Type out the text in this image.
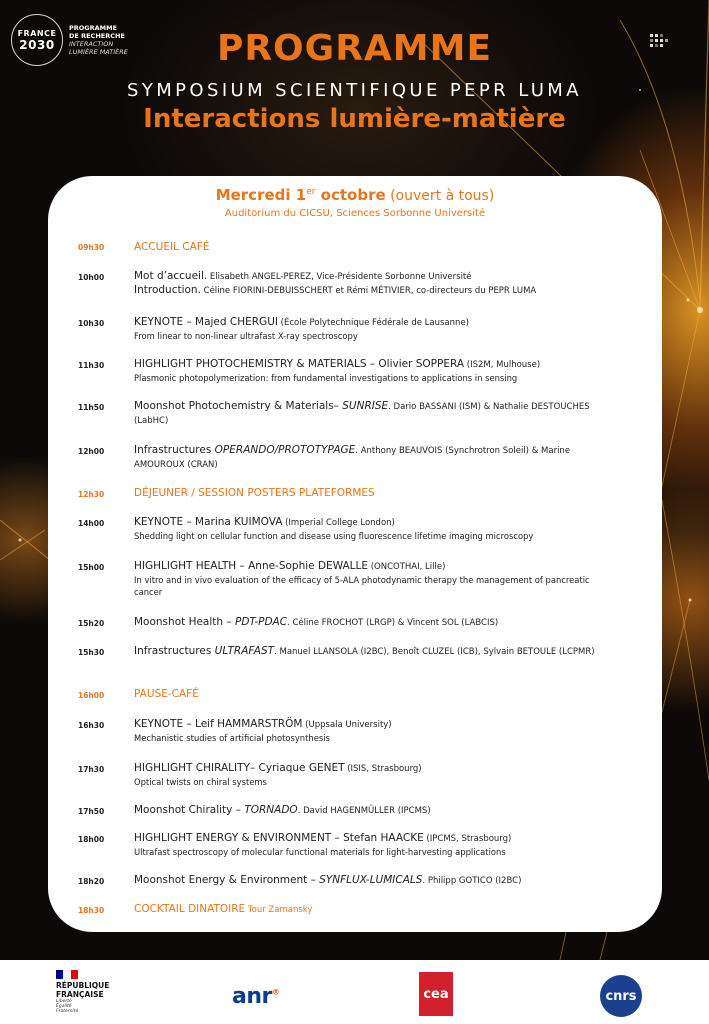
FRANCE
2030
PROGRAMME
DE RECHERCHE
INTERACTION
LUMIÈRE MATIÈRE	PROGRAMME
SYMPOSIUM SCIENTIFIQUE PEPR LUMA
Interactions lumière-matière
Mercredi 1er octobre (ouvert à tous)
Auditorium du CICSU, Sciences Sorbonne Université
09h30	ACCUEIL CAFÉ
10h00	Mot d’accueil. Elisabeth ANGEL-PEREZ, Vice-Présidente Sorbonne Université
Introduction. Céline FIORINI-DEBUISSCHERT et Rémi MÉTIVIER, co-directeurs du PEPR LUMA
10h30	KEYNOTE – Majed CHERGUI (École Polytechnique Fédérale de Lausanne)
From linear to non-linear ultrafast X-ray spectroscopy
11h30	HIGHLIGHT PHOTOCHEMISTRY & MATERIALS – Olivier SOPPERA (IS2M, Mulhouse)
Plasmonic photopolymerization: from fundamental investigations to applications in sensing
11h50	Moonshot Photochemistry & Materials– SUNRISE. Dario BASSANI (ISM) & Nathalie DESTOUCHES (LabHC)
12h00	Infrastructures OPERANDO/PROTOTYPAGE. Anthony BEAUVOIS (Synchrotron Soleil) & Marine AMOUROUX (CRAN)
12h30	DÉJEUNER / SESSION POSTERS PLATEFORMES
14h00	KEYNOTE – Marina KUIMOVA (Imperial College London)
Shedding light on cellular function and disease using fluorescence lifetime imaging microscopy
15h00	HIGHLIGHT HEALTH – Anne-Sophie DEWALLE (ONCOTHAI, Lille)
In vitro and in vivo evaluation of the efficacy of 5-ALA photodynamic therapy the management of pancreatic cancer
15h20	Moonshot Health – PDT-PDAC. Céline FROCHOT (LRGP) & Vincent SOL (LABCIS)
15h30	Infrastructures ULTRAFAST. Manuel LLANSOLA (I2BC), Benoît CLUZEL (ICB), Sylvain BETOULE (LCPMR)
16h00	PAUSE-CAFÉ
16h30	KEYNOTE – Leif HAMMARSTRÖM (Uppsala University)
Mechanistic studies of artificial photosynthesis
17h30	HIGHLIGHT CHIRALITY– Cyriaque GENET (ISIS, Strasbourg)
Optical twists on chiral systems
17h50	Moonshot Chirality – TORNADO. David HAGENMÜLLER (IPCMS)
18h00	HIGHLIGHT ENERGY & ENVIRONMENT – Stefan HAACKE (IPCMS, Strasbourg)
Ultrafast spectroscopy of molecular functional materials for light-harvesting applications
18h20	Moonshot Energy & Environment – SYNFLUX-LUMICALS. Philipp GOTICO (I2BC)
18h30	COCKTAIL DINATOIRE Tour Zamansky
RÉPUBLIQUE
FRANÇAISE
Liberté
Égalité
Fraternité
anr®	cea	cnrs
